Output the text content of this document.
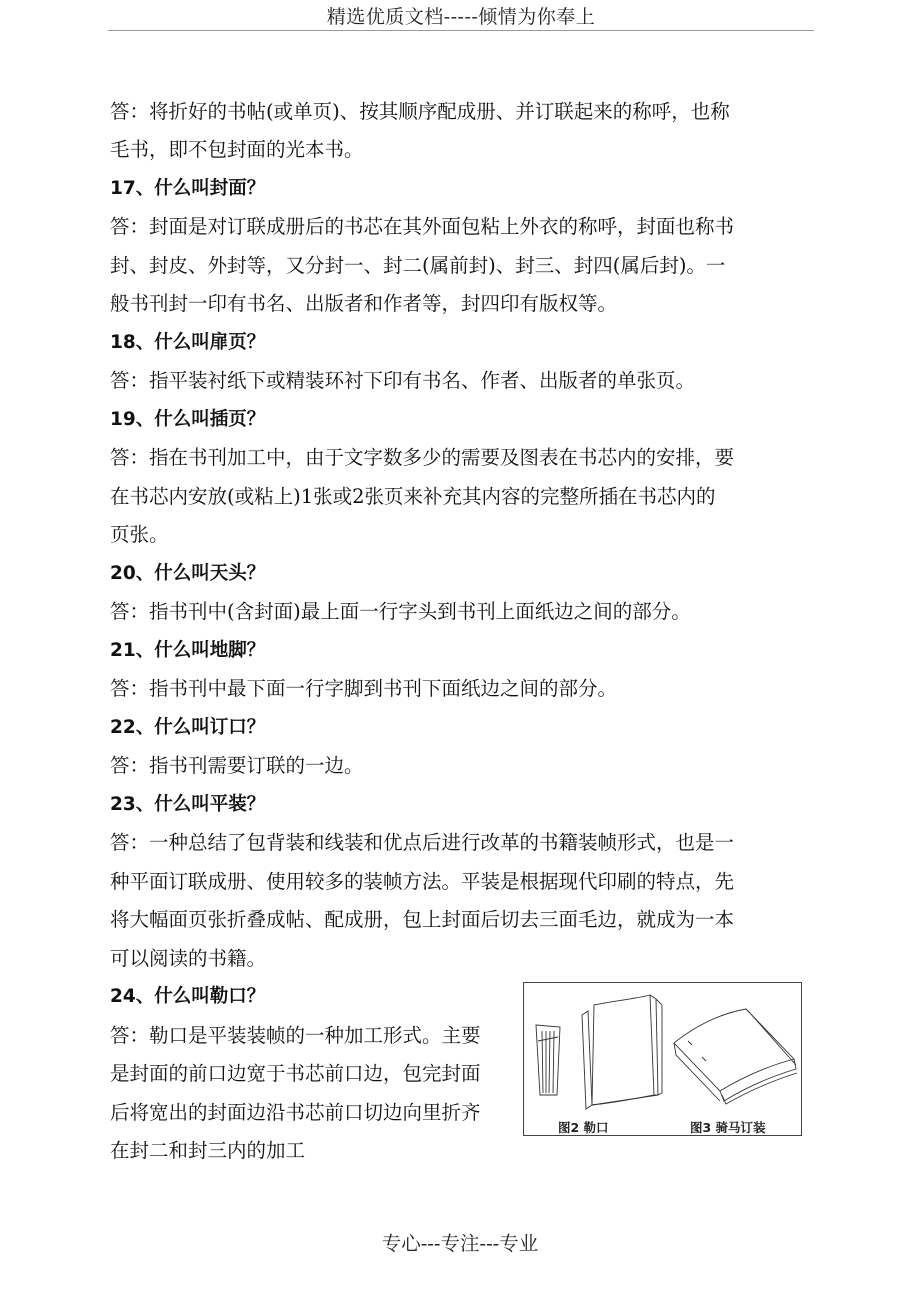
精选优质文档-----倾情为你奉上
答：将折好的书帖(或单页)、按其顺序配成册、并订联起来的称呼，也称
毛书，即不包封面的光本书。
17、什么叫封面？
答：封面是对订联成册后的书芯在其外面包粘上外衣的称呼，封面也称书
封、封皮、外封等，又分封一、封二(属前封)、封三、封四(属后封)。一
般书刊封一印有书名、出版者和作者等，封四印有版权等。
18、什么叫扉页？
答：指平装衬纸下或精装环衬下印有书名、作者、出版者的单张页。
19、什么叫插页？
答：指在书刊加工中，由于文字数多少的需要及图表在书芯内的安排，要
在书芯内安放(或粘上)1张或2张页来补充其内容的完整所插在书芯内的
页张。
20、什么叫天头？
答：指书刊中(含封面)最上面一行字头到书刊上面纸边之间的部分。
21、什么叫地脚？
答：指书刊中最下面一行字脚到书刊下面纸边之间的部分。
22、什么叫订口？
答：指书刊需要订联的一边。
23、什么叫平装？
答：一种总结了包背装和线装和优点后进行改革的书籍装帧形式，也是一
种平面订联成册、使用较多的装帧方法。平装是根据现代印刷的特点，先
将大幅面页张折叠成帖、配成册，包上封面后切去三面毛边，就成为一本
可以阅读的书籍。
24、什么叫勒口？
答：勒口是平装装帧的一种加工形式。主要
是封面的前口边宽于书芯前口边，包完封面
后将宽出的封面边沿书芯前口切边向里折齐
在封二和封三内的加工
图2 勒口	图3 骑马订装
专心---专注---专业
